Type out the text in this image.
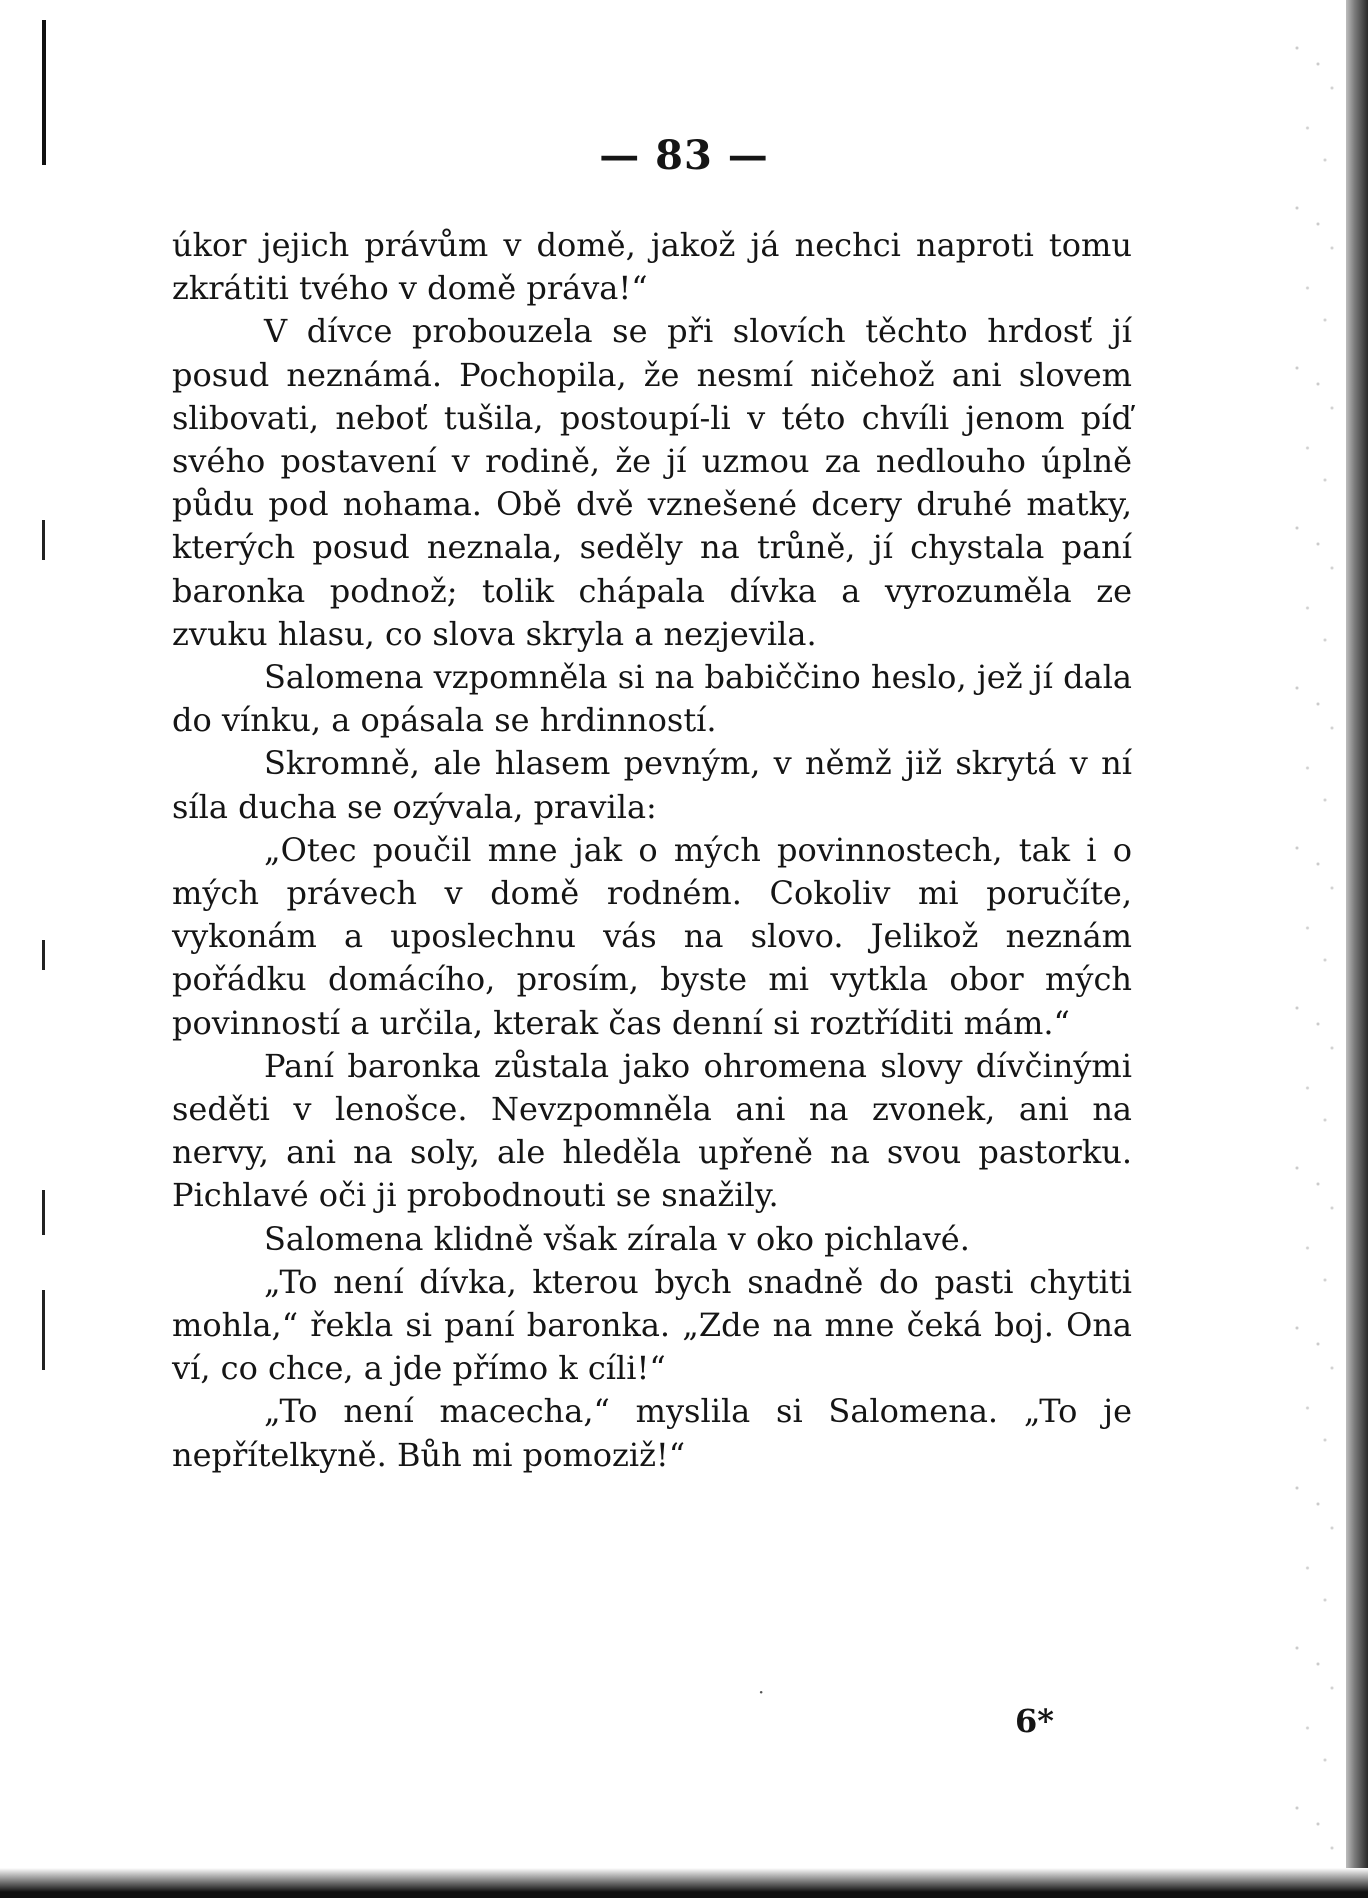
— 83 —

úkor jejich právům v domě, jakož já nechci naproti tomu zkrátiti tvého v domě práva!“

V dívce probouzela se při slovích těchto hrdosť jí posud neznámá. Pochopila, že nesmí ničehož ani slovem slibovati, neboť tušila, postoupí-li v této chvíli jenom píď svého postavení v rodině, že jí uzmou za nedlouho úplně půdu pod nohama. Obě dvě vznešené dcery druhé matky, kterých posud neznala, seděly na trůně, jí chystala paní baronka podnož; tolik chápala dívka a vyrozuměla ze zvuku hlasu, co slova skryla a nezjevila.

Salomena vzpomněla si na babiččino heslo, jež jí dala do vínku, a opásala se hrdinností.

Skromně, ale hlasem pevným, v němž již skrytá v ní síla ducha se ozývala, pravila:

„Otec poučil mne jak o mých povinnostech, tak i o mých právech v domě rodném. Cokoliv mi poručíte, vykonám a uposlechnu vás na slovo. Jelikož neznám pořádku domácího, prosím, byste mi vytkla obor mých povinností a určila, kterak čas denní si roztříditi mám.“

Paní baronka zůstala jako ohromena slovy dívčinými seděti v lenošce. Nevzpomněla ani na zvonek, ani na nervy, ani na soly, ale hleděla upřeně na svou pastorku. Pichlavé oči ji probodnouti se snažily.

Salomena klidně však zírala v oko pichlavé.

„To není dívka, kterou bych snadně do pasti chytiti mohla,“ řekla si paní baronka. „Zde na mne čeká boj. Ona ví, co chce, a jde přímo k cíli!“

„To není macecha,“ myslila si Salomena. „To je nepřítelkyně. Bůh mi pomoziž!“

·
6*
